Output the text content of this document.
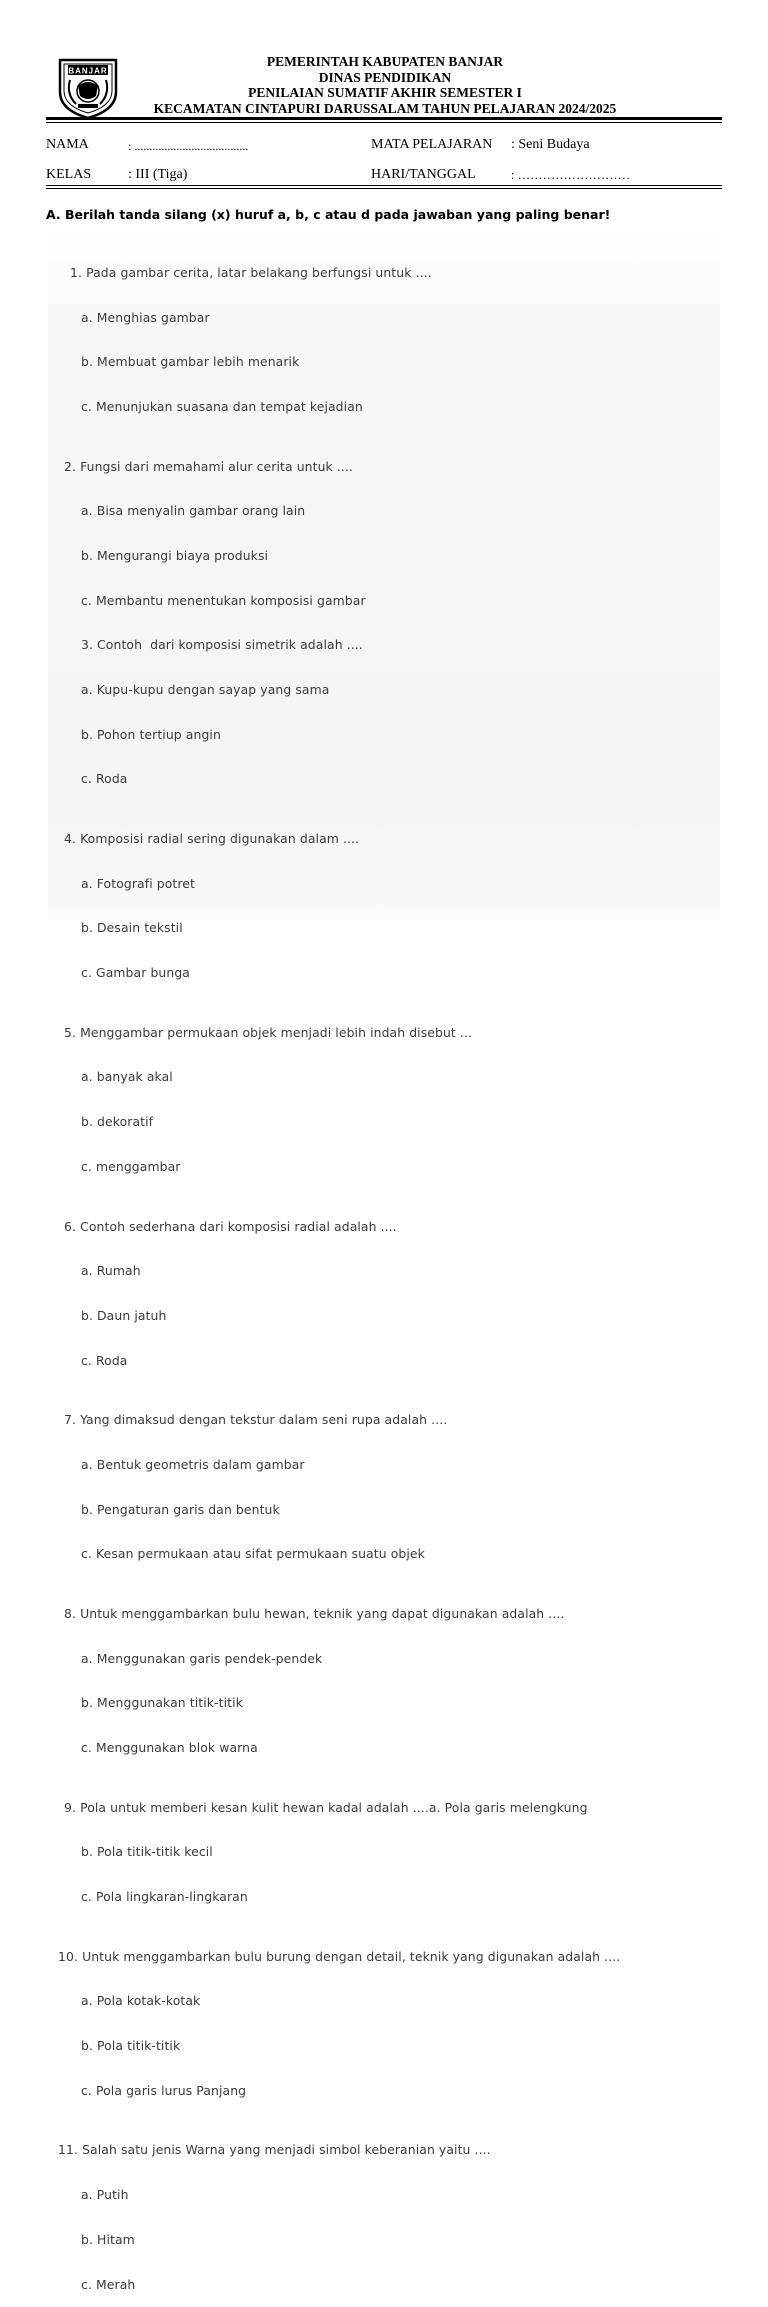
BANJAR
PEMERINTAH KABUPATEN BANJAR
DINAS PENDIDIKAN
PENILAIAN SUMATIF AKHIR SEMESTER I
KECAMATAN CINTAPURI DARUSSALAM TAHUN PELAJARAN 2024/2025
NAMA	: ......................................	MATA PELAJARAN : Seni Budaya
KELAS	: III (Tiga)	HARI/TANGGAL	: ………………………
A. Berilah tanda silang (x) huruf a, b, c atau d pada jawaban yang paling benar!

1. Pada gambar cerita, latar belakang berfungsi untuk ....

a. Menghias gambar

b. Membuat gambar lebih menarik

c. Menunjukan suasana dan tempat kejadian

2. Fungsi dari memahami alur cerita untuk ....

a. Bisa menyalin gambar orang lain

b. Mengurangi biaya produksi

c. Membantu menentukan komposisi gambar

3. Contoh  dari komposisi simetrik adalah ....

a. Kupu-kupu dengan sayap yang sama

b. Pohon tertiup angin

c. Roda

4. Komposisi radial sering digunakan dalam ....

a. Fotografi potret

b. Desain tekstil

c. Gambar bunga

5. Menggambar permukaan objek menjadi lebih indah disebut ...

a. banyak akal

b. dekoratif

c. menggambar

6. Contoh sederhana dari komposisi radial adalah ....

a. Rumah

b. Daun jatuh

c. Roda

7. Yang dimaksud dengan tekstur dalam seni rupa adalah ....

a. Bentuk geometris dalam gambar

b. Pengaturan garis dan bentuk

c. Kesan permukaan atau sifat permukaan suatu objek

8. Untuk menggambarkan bulu hewan, teknik yang dapat digunakan adalah ....

a. Menggunakan garis pendek-pendek

b. Menggunakan titik-titik

c. Menggunakan blok warna

9. Pola untuk memberi kesan kulit hewan kadal adalah ....a. Pola garis melengkung

b. Pola titik-titik kecil

c. Pola lingkaran-lingkaran

10. Untuk menggambarkan bulu burung dengan detail, teknik yang digunakan adalah ....

a. Pola kotak-kotak

b. Pola titik-titik

c. Pola garis lurus Panjang

11. Salah satu jenis Warna yang menjadi simbol keberanian yaitu ....

a. Putih

b. Hitam

c. Merah
